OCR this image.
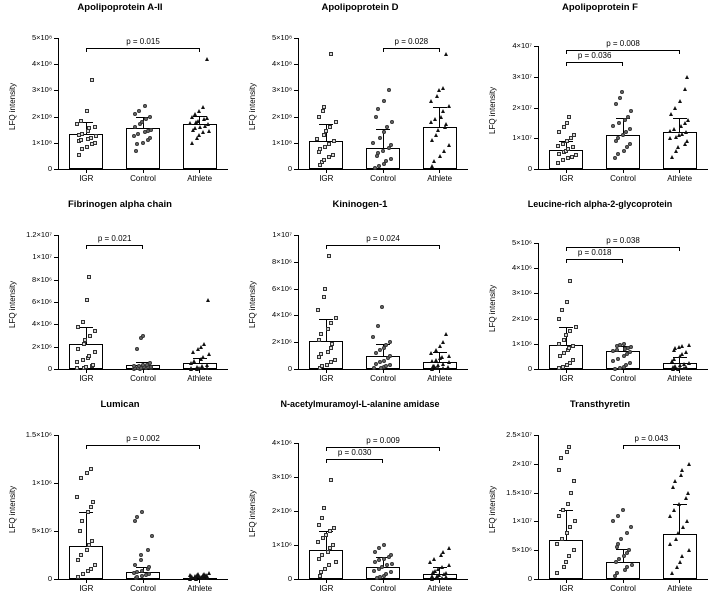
Apolipoprotein A-II
0
1×10⁸
2×10⁸
3×10⁸
4×10⁸
5×10⁸
LFQ intensity
IGR	Control	Athlete
p = 0.015
Apolipoprotein D
0
1×10⁸
2×10⁸
3×10⁸
4×10⁸
5×10⁸
LFQ intensity
IGR	Control	Athlete
p = 0.028
Apolipoprotein F
0
1×10⁷
2×10⁷
3×10⁷
4×10⁷
LFQ intensity
IGR	Control	Athlete
p = 0.036
p = 0.008
Fibrinogen alpha chain
0
2×10⁶
4×10⁶
6×10⁶
8×10⁶
1×10⁷
1.2×10⁷
LFQ intensity
IGR	Control	Athlete
p = 0.021
Kininogen-1
0
2×10⁶
4×10⁶
6×10⁶
8×10⁶
1×10⁷
LFQ intensity
IGR	Control	Athlete
p = 0.024
Leucine-rich alpha-2-glycoprotein
0
1×10⁶
2×10⁶
3×10⁶
4×10⁶
5×10⁶
LFQ intensity
IGR	Control	Athlete
p = 0.018
p = 0.038
Lumican
0
5×10⁵
1×10⁶
1.5×10⁶
LFQ intensity
IGR	Control	Athlete
p = 0.002
N-acetylmuramoyl-L-alanine amidase
0
1×10⁶
2×10⁶
3×10⁶
4×10⁶
LFQ intensity
IGR	Control	Athlete
p = 0.030
p = 0.009
Transthyretin
0
5×10⁶
1×10⁷
1.5×10⁷
2×10⁷
2.5×10⁷
LFQ intensity
IGR	Control	Athlete
p = 0.043
